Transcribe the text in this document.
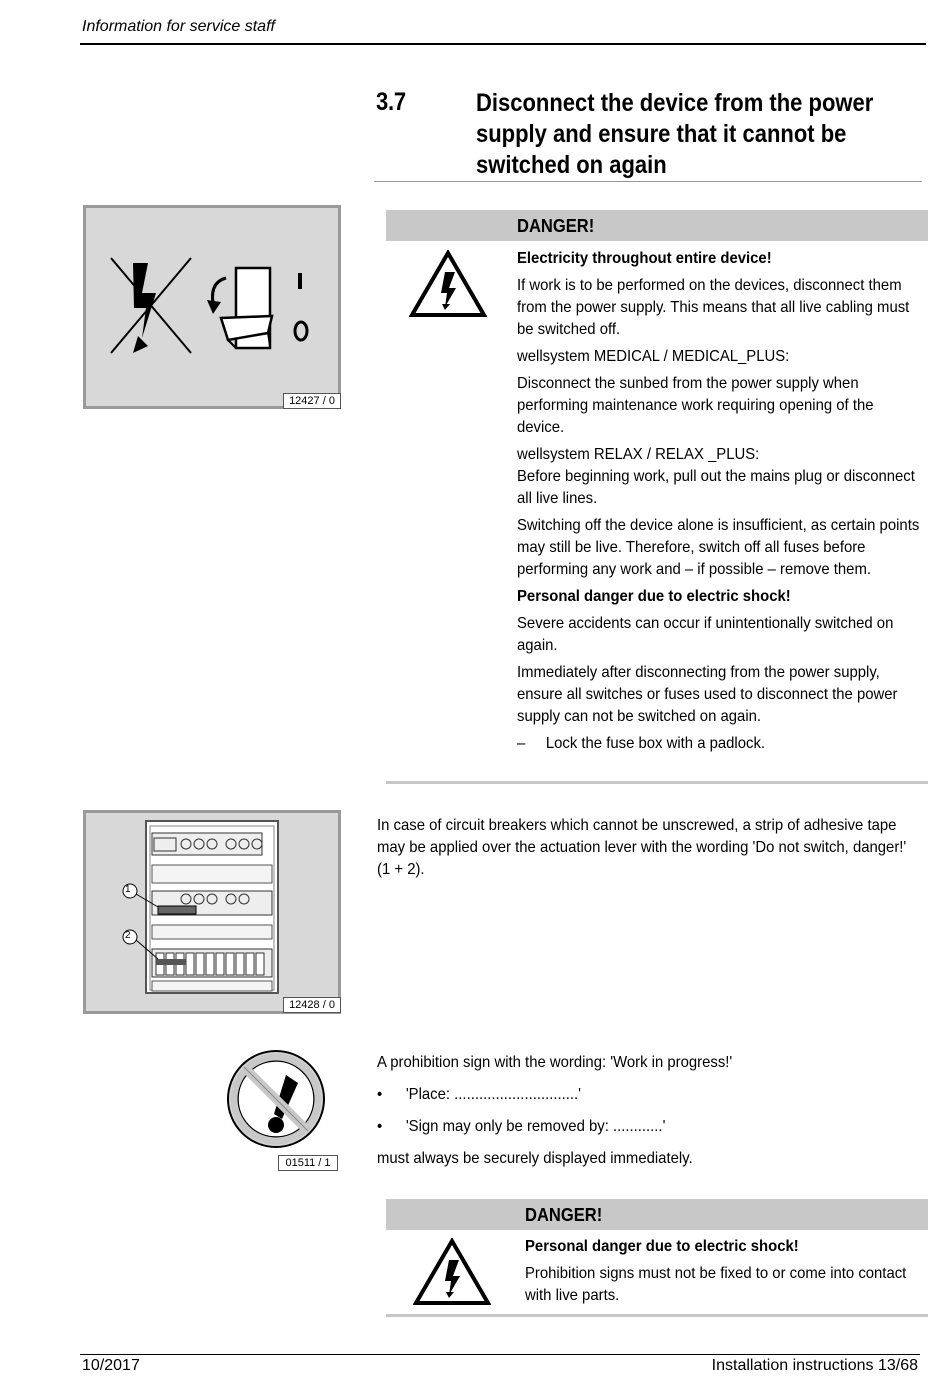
Information for service staff
3.7	Disconnect the device from the power supply and ensure that it cannot be switched on again
12427 / 0
DANGER!

Electricity throughout entire device!

If work is to be performed on the devices, disconnect them from the power supply. This means that all live cabling must be switched off.

wellsystem MEDICAL / MEDICAL_PLUS:

Disconnect the sunbed from the power supply when performing maintenance work requiring opening of the device.

wellsystem RELAX / RELAX _PLUS:

Before beginning work, pull out the mains plug or disconnect all live lines.

Switching off the device alone is insufficient, as certain points may still be live. Therefore, switch off all fuses before performing any work and – if possible – remove them.

Personal danger due to electric shock!

Severe accidents can occur if unintentionally switched on again.

Immediately after disconnecting from the power supply, ensure all switches or fuses used to disconnect the power supply can not be switched on again.

–	Lock the fuse box with a padlock.
1
2
12428 / 0
In case of circuit breakers which cannot be unscrewed, a strip of adhesive tape may be applied over the actuation lever with the wording 'Do not switch, danger!' (1 + 2).
01511 / 1

A prohibition sign with the wording: 'Work in progress!'

•	'Place: ..............................'
•	'Sign may only be removed by: ............'

must always be securely displayed immediately.

DANGER!

Personal danger due to electric shock!

Prohibition signs must not be fixed to or come into contact with live parts.

10/2017	Installation instructions 13/68
